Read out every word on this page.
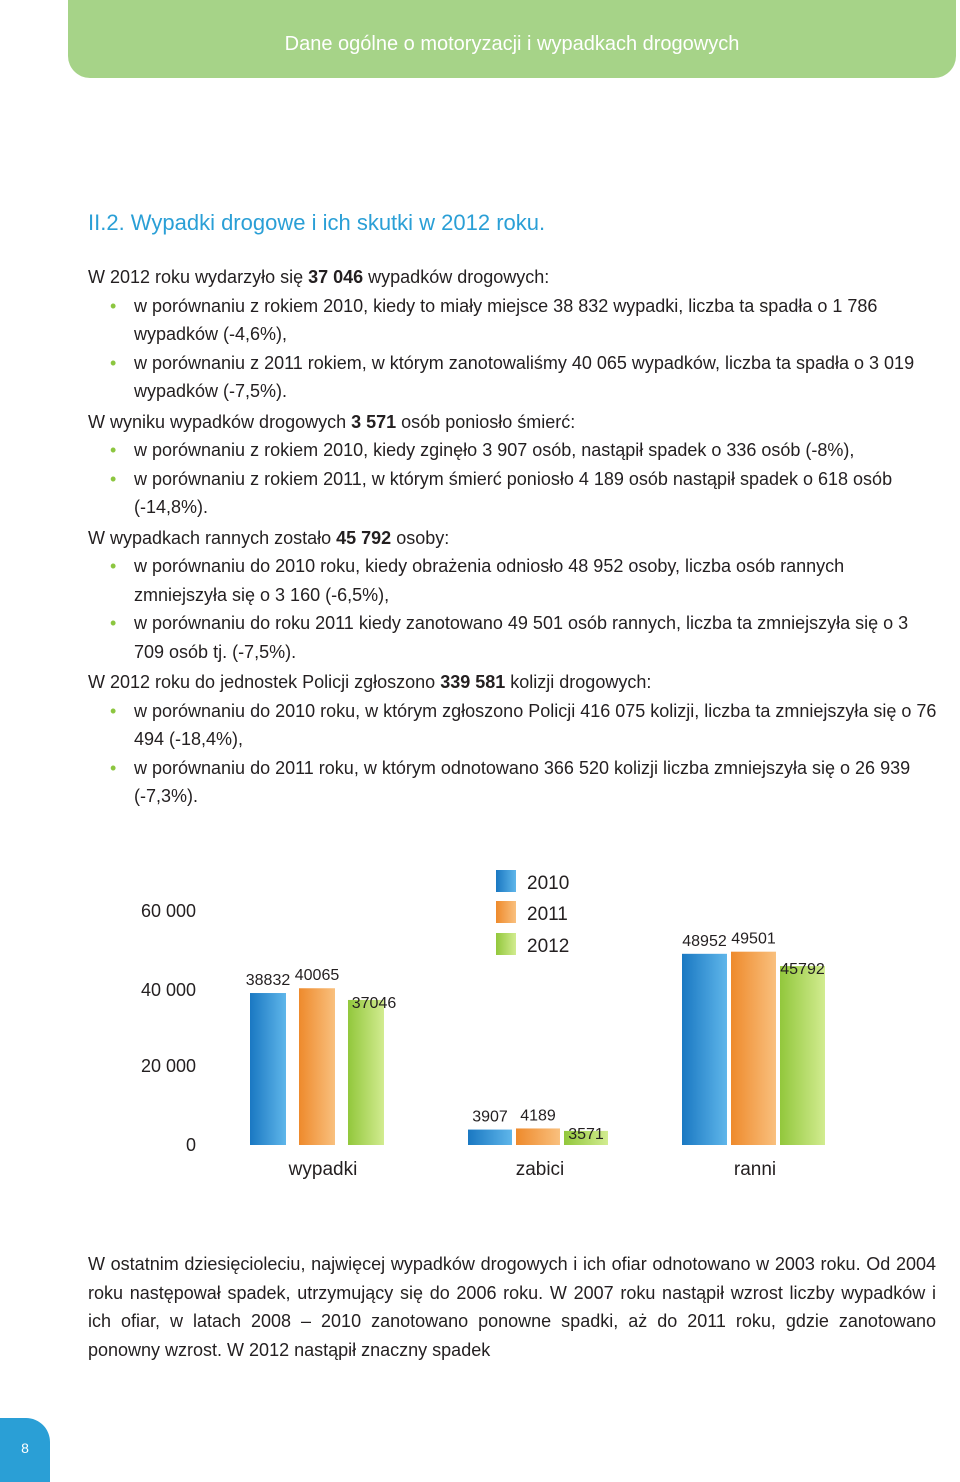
Dane ogólne o motoryzacji i wypadkach drogowych
II.2. Wypadki drogowe i ich skutki w 2012 roku.

W 2012 roku wydarzyło się 37 046 wypadków drogowych:

• w porównaniu z rokiem 2010, kiedy to miały miejsce 38 832 wypadki, liczba ta spadła o 1 786 wypadków (-4,6%),

• w porównaniu z 2011 rokiem, w którym zanotowaliśmy 40 065 wypadków, liczba ta spadła o 3 019 wypadków (-7,5%).

W wyniku wypadków drogowych 3 571 osób poniosło śmierć:

• w porównaniu z rokiem 2010, kiedy zginęło 3 907 osób, nastąpił spadek o 336 osób (-8%),

• w porównaniu z rokiem 2011, w którym śmierć poniosło 4 189 osób nastąpił spadek o 618 osób (-14,8%).

W wypadkach rannych zostało 45 792 osoby:

• w porównaniu do 2010 roku, kiedy obrażenia odniosło 48 952 osoby, liczba osób rannych zmniejszyła się o 3 160 (-6,5%),

• w porównaniu do roku 2011 kiedy zanotowano 49 501 osób rannych, liczba ta zmniejszyła się o 3 709 osób tj. (-7,5%).

W 2012 roku do jednostek Policji zgłoszono 339 581 kolizji drogowych:

• w porównaniu do 2010 roku, w którym zgłoszono Policji 416 075 kolizji, liczba ta zmniejszyła się o 76 494 (-18,4%),

• w porównaniu do 2011 roku, w którym odnotowano 366 520 kolizji liczba zmniejszyła się o 26 939 (-7,3%).

0
20 000
40 000
60 000
38832 40065
37046
wypadki
3907 4189
3571
zabici
48952 49501
45792
ranni
2010
2011
2012
W ostatnim dziesięcioleciu, najwięcej wypadków drogowych i ich ofiar odnotowano w 2003 roku. Od 2004 roku następował spadek, utrzymujący się do 2006 roku. W 2007 roku nastąpił wzrost liczby wypadków i ich ofiar, w latach 2008 – 2010 zanotowano ponowne spadki, aż do 2011 roku, gdzie zanotowano ponowny wzrost. W 2012 nastąpił znaczny spadek
8
